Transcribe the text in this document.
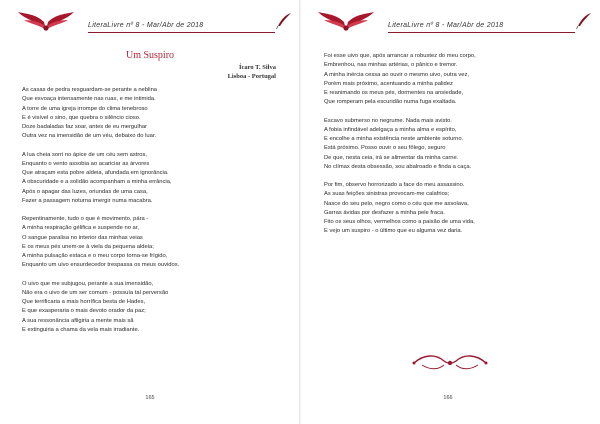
LiteraLivre nº 8 - Mar/Abr de 2018
Um Suspiro
Ícaro T. Silva
Lisboa - Portugal
As casas de pedra resguardam-se perante a neblina
Que esvoaça intensamente nas ruas, e me intimida.
A torre de uma igreja irrompe do clima tenebroso
E é visível o sino, que quebra o silêncio cioso.
Doze badaladas faz soar, antes de eu mergulhar
Outra vez na imensidão de um véu, debaixo do luar.
A lua cheia sorri no ápice de um céu sem astros,
Enquanto o vento assobia ao acariciar as árvores
Que atraçam esta pobre aldeia, afundada em ignorância.
A obscuridade e a solidão acompanham a minha errância,
Após o apagar das luzes, oriundas de uma casa,
Fazer a passagem noturna imergir numa macabra.
Repentinamente, tudo o que é movimento, pára -
A minha respiração gélifica e suspende no ar,
O sangue paralisa no interior das minhas veias
E os meus pés unem-se à viela da pequena aldeia;
A minha pulsação estaca e o meu corpo torna-se frígido,
Enquanto um uivo ensurdecedor trespassa os meus ouvidos.
O uivo que me subjugou, perante a sua imensidão,
Não era o uivo de um ser comum - possuía tal perversão
Que terrificaria a mais horrífica besta de Hades,
E que exasperaria o mais devoto orador da paz;
A sua ressonância afligiria a mente mais sã
E extinguiria a chama da vela mais irradiante.
165
LiteraLivre nº 8 - Mar/Abr de 2018
Foi esse uivo que, após arrancar a robustez do meu corpo,
Embrenhou, nas minhas artérias, o pânico e tremor.
A minha inércia cessa ao ouvir o mesmo uivo, outra vez,
Porém mais próximo, acentuando a minha palidez
E reanimando os meus pés, dormentes na ansiedade,
Que romperam pela escuridão numa fuga exaltada.
Escavo submerso no negrume. Nada mais avisto.
A fobia infindável adelgaça a minha alma e espírito,
E encolhe a minha existência neste ambiente soturno.
Está próximo. Posso ouvir o seu fôlego, seguro
De que, nesta ceia, irá se alimentar da minha carne.
No clímax desta obsessão, sou abalroado e finda a caça.
Por fim, observo horrorizado a face do meu assassino.
As suas feições sinistras provocam-me calafrios;
Nasce do seu pelo, negro como o céu que me assolava,
Garras ávidas por desfazer a minha pele fraca.
Fito os seus olhos, vermelhos como a paixão de uma vida,
E vejo um suspiro - o último que eu alguma vez daria.
166
